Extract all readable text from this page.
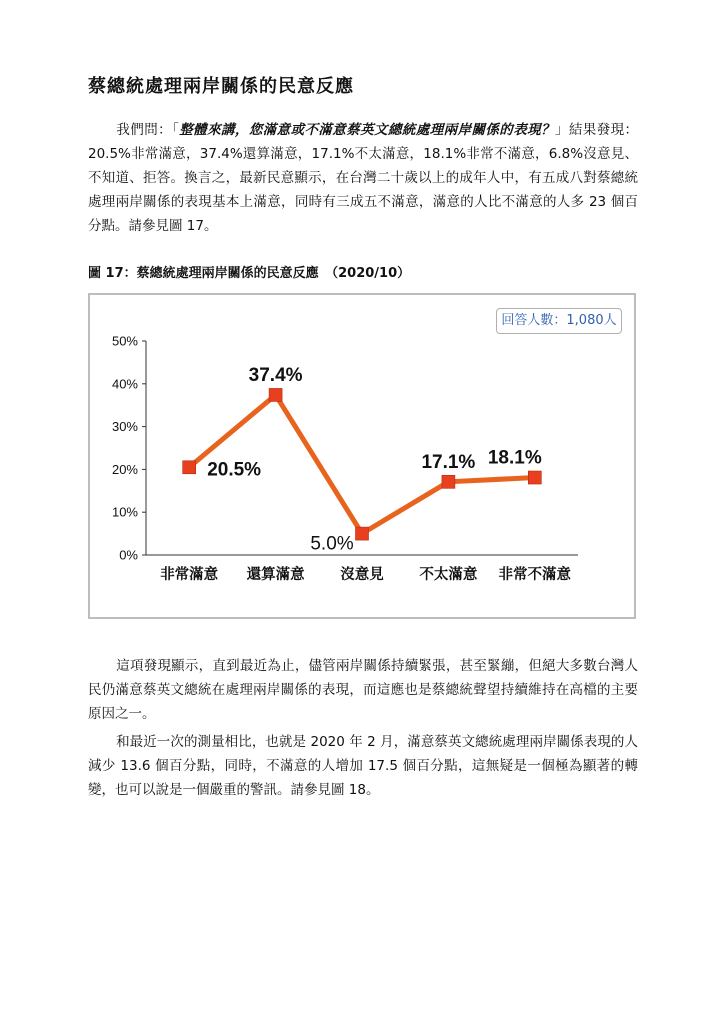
蔡總統處理兩岸關係的民意反應

我們問：「整體來講，您滿意或不滿意蔡英文總統處理兩岸關係的表現？」結果發現：20.5%非常滿意，37.4%還算滿意，17.1%不太滿意，18.1%非常不滿意，6.8%沒意見、不知道、拒答。換言之，最新民意顯示，在台灣二十歲以上的成年人中，有五成八對蔡總統處理兩岸關係的表現基本上滿意，同時有三成五不滿意，滿意的人比不滿意的人多 23 個百分點。請參見圖 17。

圖 17：蔡總統處理兩岸關係的民意反應　（2020/10）

0%
10%
20%
30%
40%
50%
非常滿意 還算滿意 沒意見 不太滿意 非常不滿意
20.5%
37.4%
5.0%
17.1% 18.1%
回答人數：1,080人

這項發現顯示，直到最近為止，儘管兩岸關係持續緊張，甚至緊繃，但絕大多數台灣人民仍滿意蔡英文總統在處理兩岸關係的表現，而這應也是蔡總統聲望持續維持在高檔的主要原因之一。

和最近一次的測量相比，也就是 2020 年 2 月，滿意蔡英文總統處理兩岸關係表現的人減少 13.6 個百分點，同時，不滿意的人增加 17.5 個百分點，這無疑是一個極為顯著的轉變，也可以說是一個嚴重的警訊。請參見圖 18。
